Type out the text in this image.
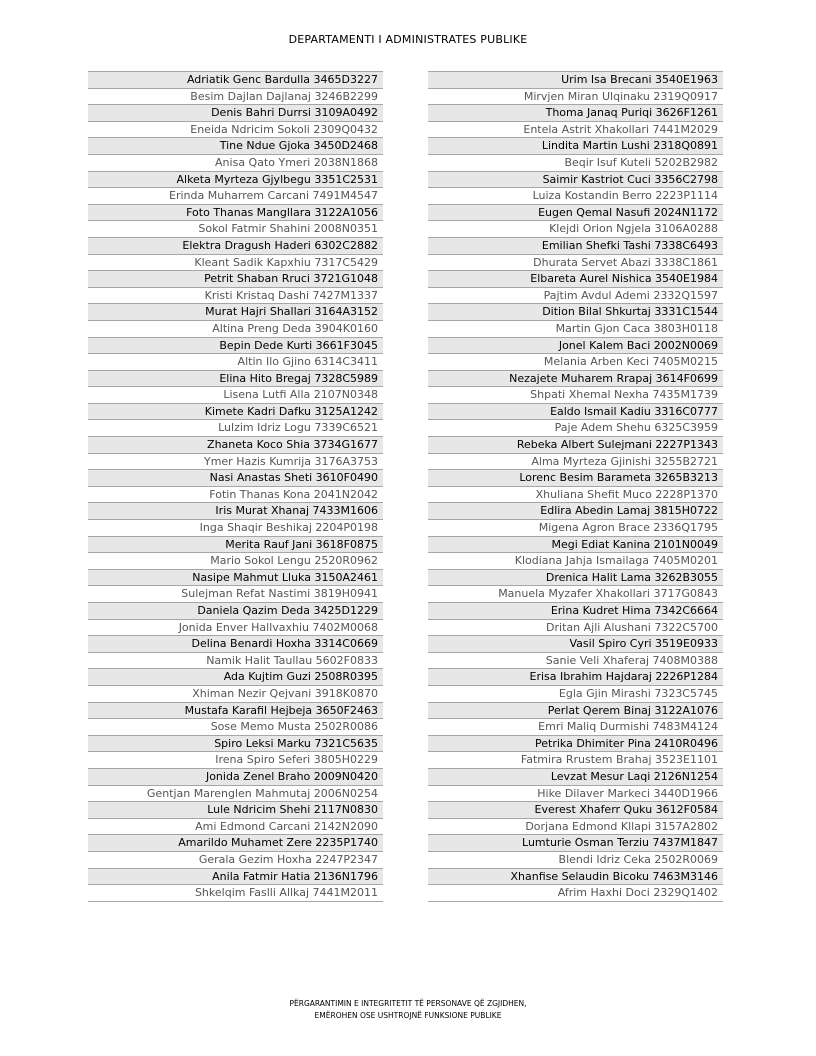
DEPARTAMENTI I ADMINISTRATES PUBLIKE
Adriatik Genc Bardulla 3465D3227
Besim Dajlan Dajlanaj 3246B2299
Denis Bahri Durrsi 3109A0492
Eneida Ndricim Sokoli 2309Q0432
Tine Ndue Gjoka 3450D2468
Anisa Qato Ymeri 2038N1868
Alketa Myrteza Gjylbegu 3351C2531
Erinda Muharrem Carcani 7491M4547
Foto Thanas Mangllara 3122A1056
Sokol Fatmir Shahini 2008N0351
Elektra Dragush Haderi 6302C2882
Kleant Sadik Kapxhiu 7317C5429
Petrit Shaban Rruci 3721G1048
Kristi Kristaq Dashi 7427M1337
Murat Hajri Shallari 3164A3152
Altina Preng Deda 3904K0160
Bepin Dede Kurti 3661F3045
Altin Ilo Gjino 6314C3411
Elina Hito Bregaj 7328C5989
Lisena Lutfi Alla 2107N0348
Kimete Kadri Dafku 3125A1242
Lulzim Idriz Logu 7339C6521
Zhaneta Koco Shia 3734G1677
Ymer Hazis Kumrija 3176A3753
Nasi Anastas Sheti 3610F0490
Fotin Thanas Kona 2041N2042
Iris Murat Xhanaj 7433M1606
Inga Shaqir Beshikaj 2204P0198
Merita Rauf Jani 3618F0875
Mario Sokol Lengu 2520R0962
Nasipe Mahmut Lluka 3150A2461
Sulejman Refat Nastimi 3819H0941
Daniela Qazim Deda 3425D1229
Jonida Enver Hallvaxhiu 7402M0068
Delina Benardi Hoxha 3314C0669
Namik Halit Taullau 5602F0833
Ada Kujtim Guzi 2508R0395
Xhiman Nezir Qejvani 3918K0870
Mustafa Karafil Hejbeja 3650F2463
Sose Memo Musta 2502R0086
Spiro Leksi Marku 7321C5635
Irena Spiro Seferi 3805H0229
Jonida Zenel Braho 2009N0420
Gentjan Marenglen Mahmutaj 2006N0254
Lule Ndricim Shehi 2117N0830
Ami Edmond Carcani 2142N2090
Amarildo Muhamet Zere 2235P1740
Gerala Gezim Hoxha 2247P2347
Anila Fatmir Hatia 2136N1796
Shkelqim Faslli Allkaj 7441M2011
Urim Isa Brecani 3540E1963
Mirvjen Miran Ulqinaku 2319Q0917
Thoma Janaq Puriqi 3626F1261
Entela Astrit Xhakollari 7441M2029
Lindita Martin Lushi 2318Q0891
Beqir Isuf Kuteli 5202B2982
Saimir Kastriot Cuci 3356C2798
Luiza Kostandin Berro 2223P1114
Eugen Qemal Nasufi 2024N1172
Klejdi Orion Ngjela 3106A0288
Emilian Shefki Tashi 7338C6493
Dhurata Servet Abazi 3338C1861
Elbareta Aurel Nishica 3540E1984
Pajtim Avdul Ademi 2332Q1597
Dition Bilal Shkurtaj 3331C1544
Martin Gjon Caca 3803H0118
Jonel Kalem Baci 2002N0069
Melania Arben Keci 7405M0215
Nezajete Muharem Rrapaj 3614F0699
Shpati Xhemal Nexha 7435M1739
Ealdo Ismail Kadiu 3316C0777
Paje Adem Shehu 6325C3959
Rebeka Albert Sulejmani 2227P1343
Alma Myrteza Gjinishi 3255B2721
Lorenc Besim Barameta 3265B3213
Xhuliana Shefit Muco 2228P1370
Edlira Abedin Lamaj 3815H0722
Migena Agron Brace 2336Q1795
Megi Ediat Kanina 2101N0049
Klodiana Jahja Ismailaga 7405M0201
Drenica Halit Lama 3262B3055
Manuela Myzafer Xhakollari 3717G0843
Erina Kudret Hima 7342C6664
Dritan Ajli Alushani 7322C5700
Vasil Spiro Cyri 3519E0933
Sanie Veli Xhaferaj 7408M0388
Erisa Ibrahim Hajdaraj 2226P1284
Egla Gjin Mirashi 7323C5745
Perlat Qerem Binaj 3122A1076
Emri Maliq Durmishi 7483M4124
Petrika Dhimiter Pina 2410R0496
Fatmira Rrustem Brahaj 3523E1101
Levzat Mesur Laqi 2126N1254
Hike Dilaver Markeci 3440D1966
Everest Xhaferr Quku 3612F0584
Dorjana Edmond Kllapi 3157A2802
Lumturie Osman Terziu 7437M1847
Blendi Idriz Ceka 2502R0069
Xhanfise Selaudin Bicoku 7463M3146
Afrim Haxhi Doci 2329Q1402
PËRGARANTIMIN E INTEGRITETIT TË PERSONAVE QË ZGJIDHEN,
EMËROHEN OSE USHTROJNË FUNKSIONE PUBLIKE
